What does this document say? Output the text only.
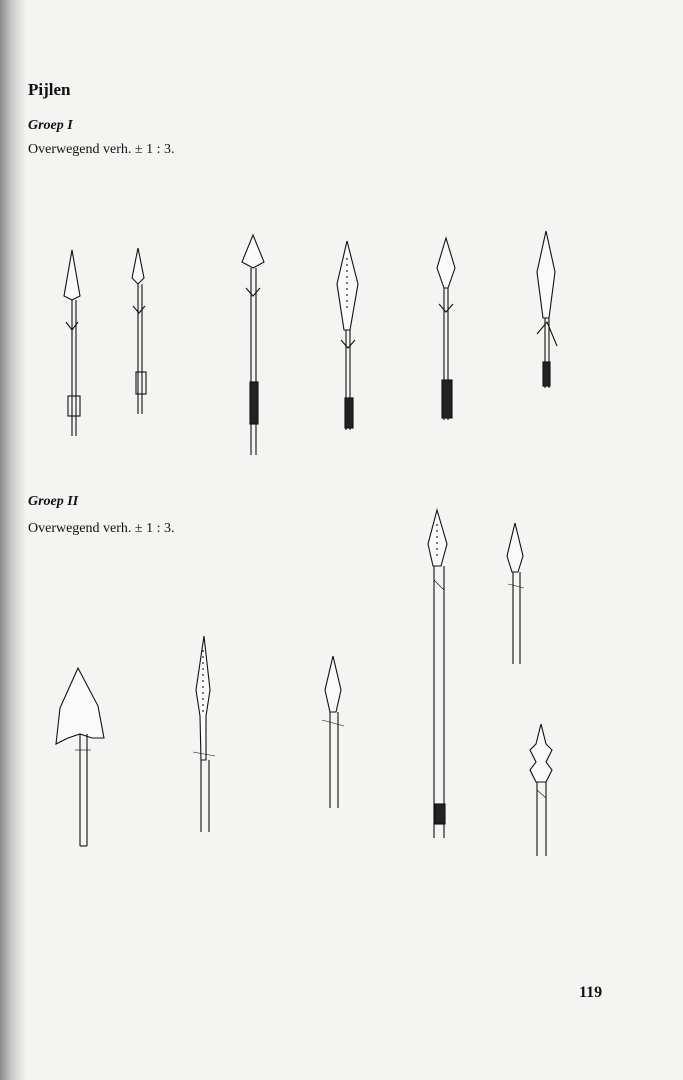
Pijlen
Groep I
Overwegend verh. ± 1 : 3.
Groep II
Overwegend verh. ± 1 : 3.
119
